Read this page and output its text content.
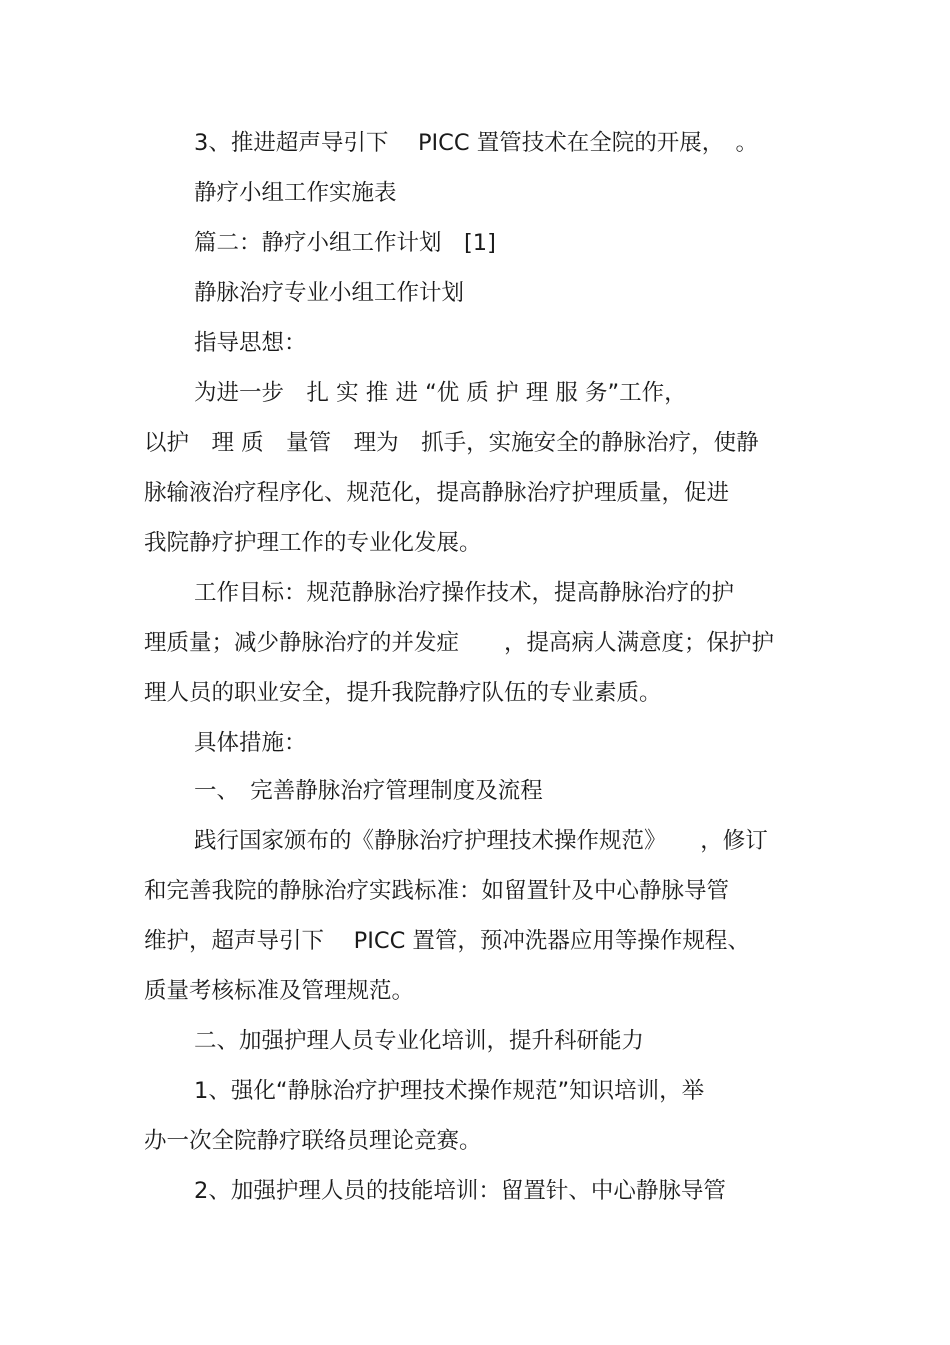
3、推进超声导引下　 PICC 置管技术在全院的开展，　。

静疗小组工作实施表

篇二：静疗小组工作计划　[1]

静脉治疗专业小组工作计划

指导思想：

为进一步　扎 实 推 进 “优 质 护 理 服 务”工作，

以护　理 质　量管　理为　抓手，实施安全的静脉治疗，使静

脉输液治疗程序化、规范化，提高静脉治疗护理质量，促进

我院静疗护理工作的专业化发展。

工作目标：规范静脉治疗操作技术，提高静脉治疗的护

理质量；减少静脉治疗的并发症　　，提高病人满意度；保护护

理人员的职业安全，提升我院静疗队伍的专业素质。

具体措施：

一、　完善静脉治疗管理制度及流程

践行国家颁布的《静脉治疗护理技术操作规范》　　，修订

和完善我院的静脉治疗实践标准：如留置针及中心静脉导管

维护，超声导引下　 PICC 置管，预冲洗器应用等操作规程、

质量考核标准及管理规范。

二、加强护理人员专业化培训，提升科研能力

1、强化“静脉治疗护理技术操作规范”知识培训，举

办一次全院静疗联络员理论竞赛。

2、加强护理人员的技能培训：留置针、中心静脉导管
